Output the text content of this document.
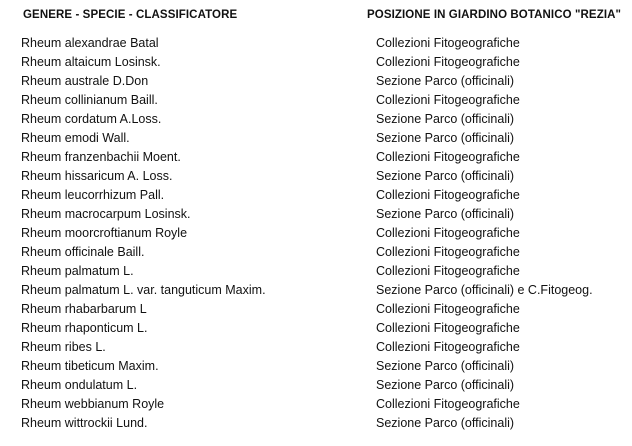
GENERE - SPECIE - CLASSIFICATORE	POSIZIONE IN GIARDINO BOTANICO "REZIA"
Rheum alexandrae Batal	Collezioni Fitogeografiche
Rheum altaicum Losinsk.	Collezioni Fitogeografiche
Rheum australe D.Don	Sezione Parco (officinali)
Rheum collinianum Baill.	Collezioni Fitogeografiche
Rheum cordatum A.Loss.	Sezione Parco (officinali)
Rheum emodi Wall.	Sezione Parco (officinali)
Rheum franzenbachii Moent.	Collezioni Fitogeografiche
Rheum hissaricum A. Loss.	Sezione Parco (officinali)
Rheum leucorrhizum Pall.	Collezioni Fitogeografiche
Rheum macrocarpum Losinsk.	Sezione Parco (officinali)
Rheum moorcroftianum Royle	Collezioni Fitogeografiche
Rheum officinale Baill.	Collezioni Fitogeografiche
Rheum palmatum L.	Collezioni Fitogeografiche
Rheum palmatum L. var. tanguticum Maxim.	Sezione Parco (officinali) e C.Fitogeog.
Rheum rhabarbarum L	Collezioni Fitogeografiche
Rheum rhaponticum L.	Collezioni Fitogeografiche
Rheum ribes L.	Collezioni Fitogeografiche
Rheum tibeticum Maxim.	Sezione Parco (officinali)
Rheum ondulatum L.	Sezione Parco (officinali)
Rheum webbianum Royle	Collezioni Fitogeografiche
Rheum wittrockii Lund.	Sezione Parco (officinali)
